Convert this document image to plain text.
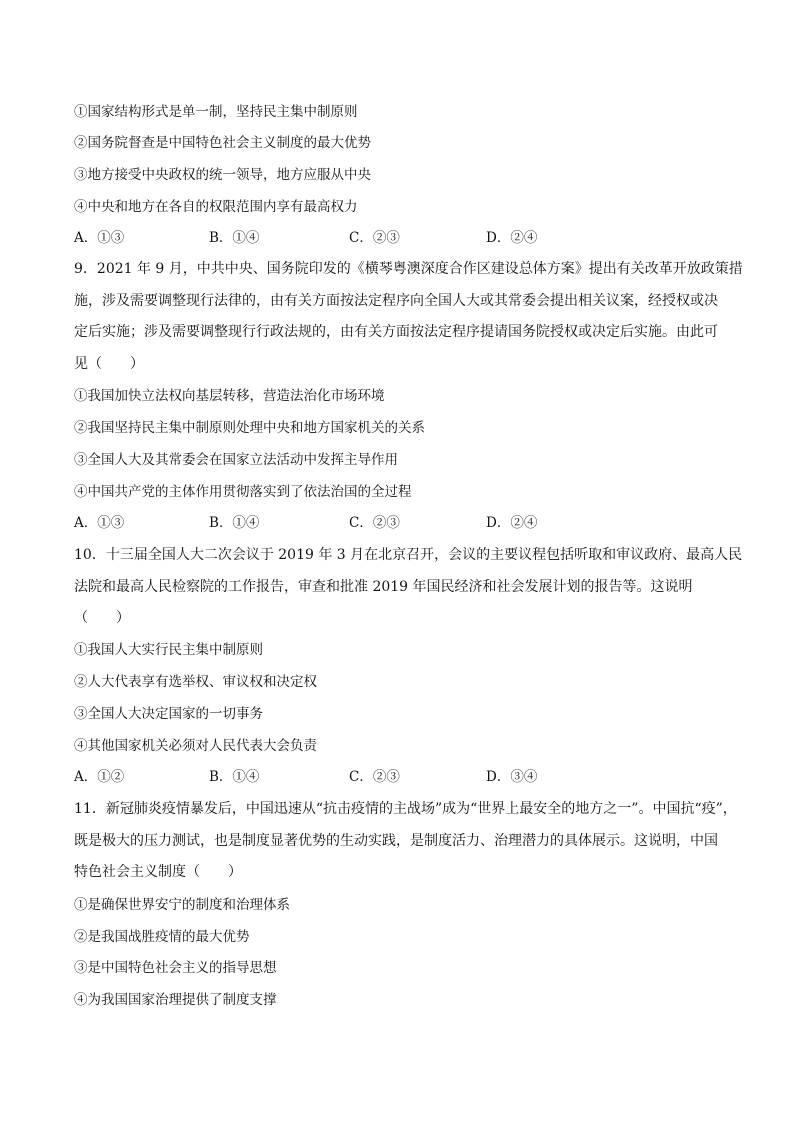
①国家结构形式是单一制，坚持民主集中制原则
②国务院督查是中国特色社会主义制度的最大优势
③地方接受中央政权的统一领导，地方应服从中央
④中央和地方在各自的权限范围内享有最高权力
A．①③	B．①④	C．②③	D．②④
9．2021 年 9 月，中共中央、国务院印发的《横琴粤澳深度合作区建设总体方案》提出有关改革开放政策措
施，涉及需要调整现行法律的，由有关方面按法定程序向全国人大或其常委会提出相关议案，经授权或决
定后实施；涉及需要调整现行行政法规的，由有关方面按法定程序提请国务院授权或决定后实施。由此可
见（　　）
①我国加快立法权向基层转移，营造法治化市场环境
②我国坚持民主集中制原则处理中央和地方国家机关的关系
③全国人大及其常委会在国家立法活动中发挥主导作用
④中国共产党的主体作用贯彻落实到了依法治国的全过程
A．①③	B．①④	C．②③	D．②④
10．十三届全国人大二次会议于 2019 年 3 月在北京召开，会议的主要议程包括听取和审议政府、最高人民
法院和最高人民检察院的工作报告，审查和批准 2019 年国民经济和社会发展计划的报告等。这说明
（　　）
①我国人大实行民主集中制原则
②人大代表享有选举权、审议权和决定权
③全国人大决定国家的一切事务
④其他国家机关必须对人民代表大会负责
A．①②	B．①④	C．②③	D．③④
11．新冠肺炎疫情暴发后，中国迅速从“抗击疫情的主战场”成为“世界上最安全的地方之一”。中国抗“疫”，
既是极大的压力测试，也是制度显著优势的生动实践，是制度活力、治理潜力的具体展示。这说明，中国
特色社会主义制度（　　）
①是确保世界安宁的制度和治理体系
②是我国战胜疫情的最大优势
③是中国特色社会主义的指导思想
④为我国国家治理提供了制度支撑
